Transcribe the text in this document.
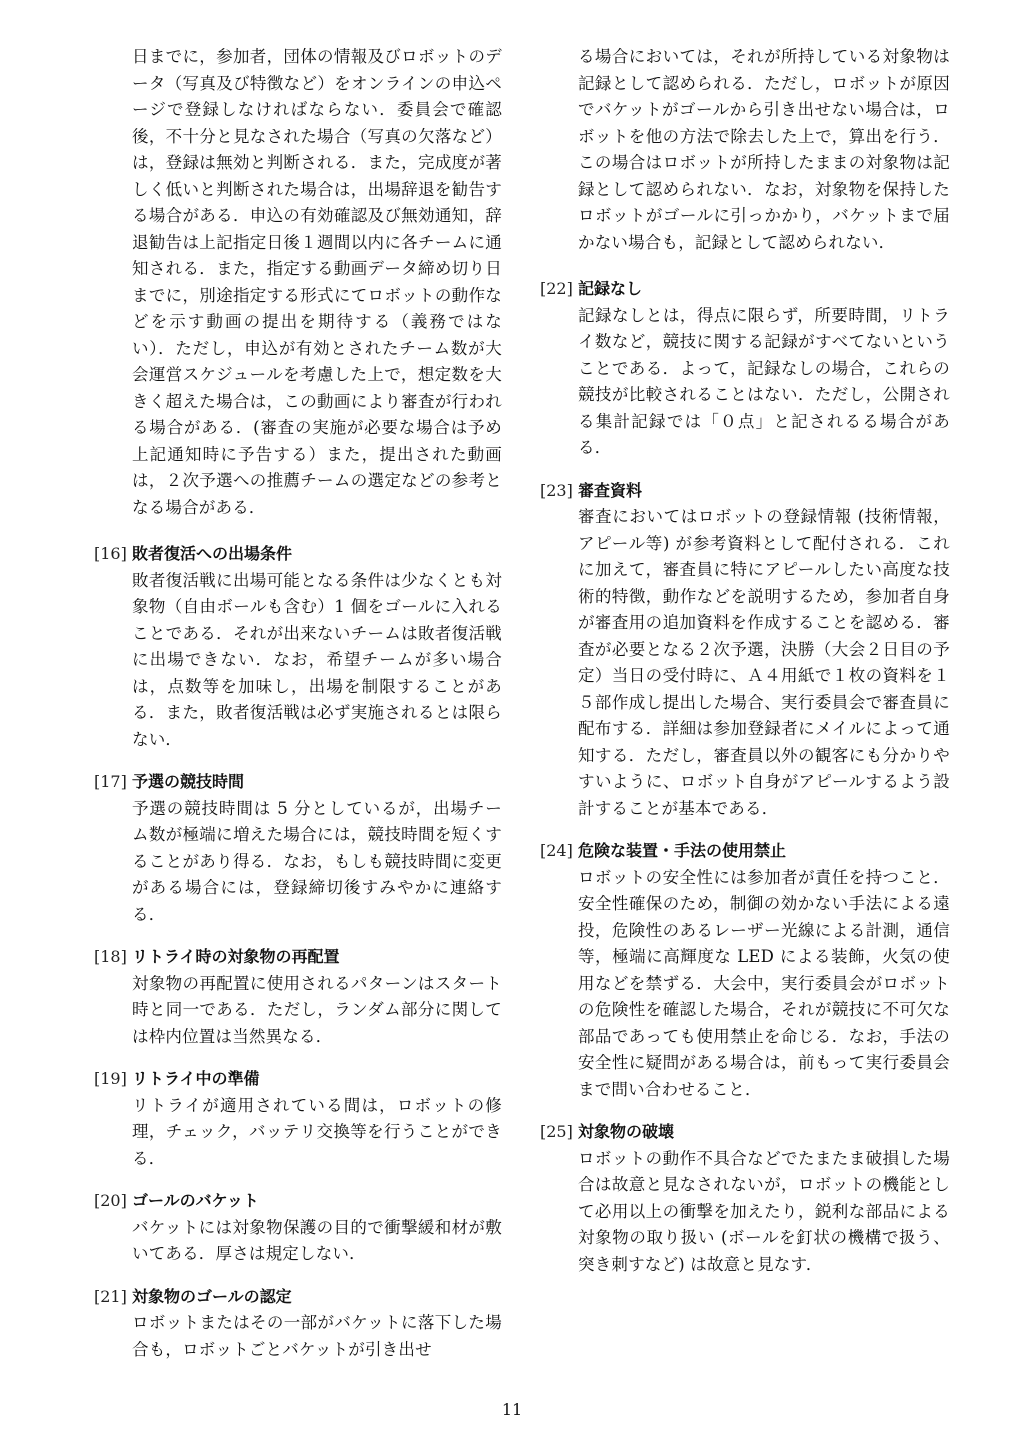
日までに，参加者，団体の情報及びロボットのデータ（写真及び特徴など）をオンラインの申込ページで登録しなければならない．委員会で確認後，不十分と見なされた場合（写真の欠落など）は，登録は無効と判断される．また，完成度が著しく低いと判断された場合は，出場辞退を勧告する場合がある．申込の有効確認及び無効通知，辞退勧告は上記指定日後１週間以内に各チームに通知される．また，指定する動画データ締め切り日までに，別途指定する形式にてロボットの動作などを示す動画の提出を期待する（義務ではない）．ただし，申込が有効とされたチーム数が大会運営スケジュールを考慮した上で，想定数を大きく超えた場合は，この動画により審査が行われる場合がある．(審査の実施が必要な場合は予め上記通知時に予告する）また，提出された動画は，２次予選への推薦チームの選定などの参考となる場合がある．

[16] 敗者復活への出場条件

敗者復活戦に出場可能となる条件は少なくとも対象物（自由ボールも含む）1 個をゴールに入れることである．それが出来ないチームは敗者復活戦に出場できない．なお，希望チームが多い場合は，点数等を加味し，出場を制限することがある．また，敗者復活戦は必ず実施されるとは限らない．

[17] 予選の競技時間

予選の競技時間は 5 分としているが，出場チーム数が極端に増えた場合には，競技時間を短くすることがあり得る．なお，もしも競技時間に変更がある場合には，登録締切後すみやかに連絡する．

[18] リトライ時の対象物の再配置

対象物の再配置に使用されるパターンはスタート時と同一である．ただし，ランダム部分に関しては枠内位置は当然異なる．

[19] リトライ中の準備

リトライが適用されている間は，ロボットの修理，チェック，バッテリ交換等を行うことができる．

[20] ゴールのバケット

バケットには対象物保護の目的で衝撃緩和材が敷いてある．厚さは規定しない．

[21] 対象物のゴールの認定

ロボットまたはその一部がバケットに落下した場合も，ロボットごとバケットが引き出せ

る場合においては，それが所持している対象物は記録として認められる．ただし，ロボットが原因でバケットがゴールから引き出せない場合は，ロボットを他の方法で除去した上で，算出を行う．この場合はロボットが所持したままの対象物は記録として認められない．なお，対象物を保持したロボットがゴールに引っかかり，バケットまで届かない場合も，記録として認められない．

[22] 記録なし

記録なしとは，得点に限らず，所要時間，リトライ数など，競技に関する記録がすべてないということである．よって，記録なしの場合，これらの競技が比較されることはない．ただし，公開される集計記録では「０点」と記されるる場合がある．

[23] 審査資料

審査においてはロボットの登録情報 (技術情報，アピール等) が参考資料として配付される．これに加えて，審査員に特にアピールしたい高度な技術的特徴，動作などを説明するため，参加者自身が審査用の追加資料を作成することを認める．審査が必要となる２次予選，決勝（大会２日目の予定）当日の受付時に、Ａ４用紙で１枚の資料を１５部作成し提出した場合、実行委員会で審査員に配布する．詳細は参加登録者にメイルによって通知する．ただし，審査員以外の観客にも分かりやすいように、ロボット自身がアピールするよう設計することが基本である．

[24] 危険な装置・手法の使用禁止

ロボットの安全性には参加者が責任を持つこと．安全性確保のため，制御の効かない手法による遠投，危険性のあるレーザー光線による計測，通信等，極端に高輝度な LED による装飾，火気の使用などを禁ずる．大会中，実行委員会がロボットの危険性を確認した場合，それが競技に不可欠な部品であっても使用禁止を命じる．なお，手法の安全性に疑問がある場合は，前もって実行委員会まで問い合わせること．

[25] 対象物の破壊

ロボットの動作不具合などでたまたま破損した場合は故意と見なされないが，ロボットの機能として必用以上の衝撃を加えたり，鋭利な部品による対象物の取り扱い (ボールを釘状の機構で扱う、突き刺すなど) は故意と見なす．

11
